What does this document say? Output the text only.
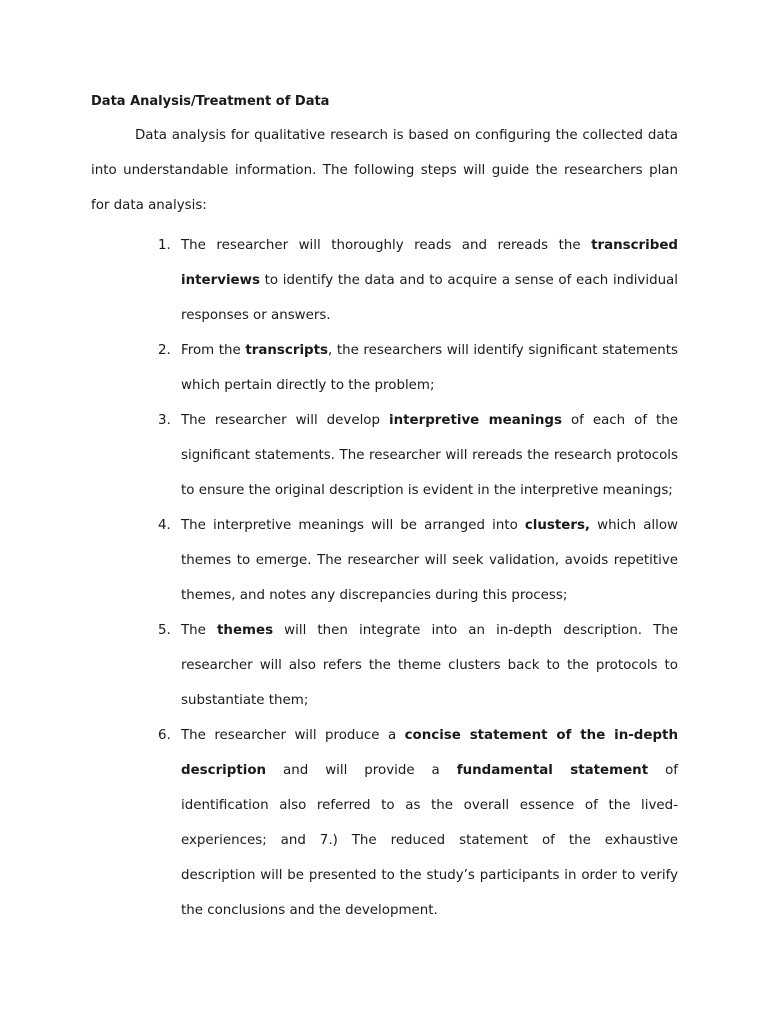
Data Analysis/Treatment of Data

Data analysis for qualitative research is based on configuring the collected data into understandable information. The following steps will guide the researchers plan for data analysis:

1. The researcher will thoroughly reads and rereads the transcribed interviews to identify the data and to acquire a sense of each individual responses or answers.
2. From the transcripts, the researchers will identify significant statements which pertain directly to the problem;
3. The researcher will develop interpretive meanings of each of the significant statements. The researcher will rereads the research protocols to ensure the original description is evident in the interpretive meanings;
4. The interpretive meanings will be arranged into clusters, which allow themes to emerge. The researcher will seek validation, avoids repetitive themes, and notes any discrepancies during this process;
5. The themes will then integrate into an in-depth description. The researcher will also refers the theme clusters back to the protocols to substantiate them;
6. The researcher will produce a concise statement of the in-depth description and will provide a fundamental statement of identification also referred to as the overall essence of the lived-experiences; and 7.) The reduced statement of the exhaustive description will be presented to the study’s participants in order to verify the conclusions and the development.
